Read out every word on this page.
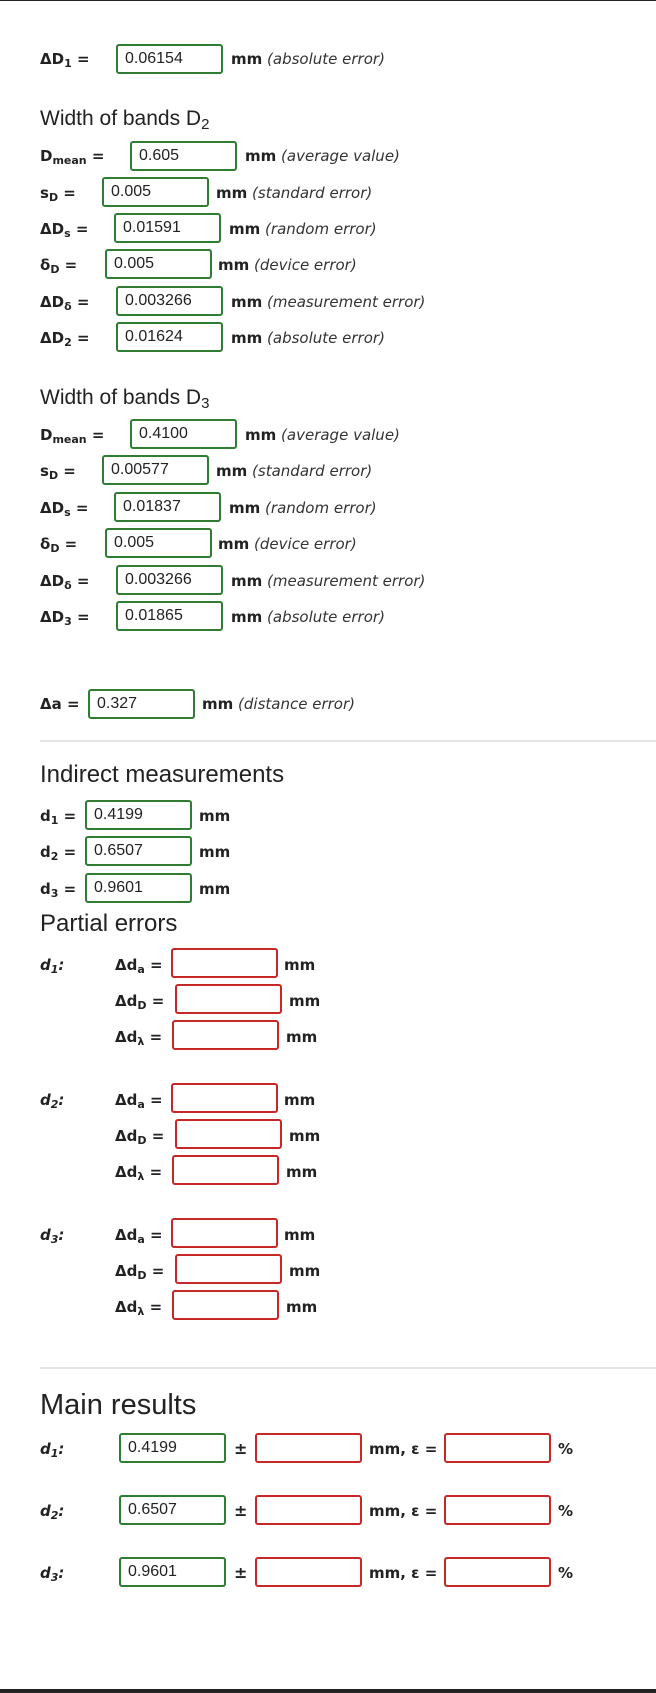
$\Delta D_1$ =
0.06154	mm (absolute error)
Width of bands $D_2$
$D_{mean}$ =
0.605	mm (average value)
$s_D$ =
0.005	mm (standard error)
$\Delta D_s$ =
0.01591	mm (random error)
$\delta_D$ =
0.005	mm (device error)
$\Delta D_\delta$ =
0.003266	mm (measurement error)
$\Delta D_2$ =
0.01624	mm (absolute error)
Width of bands $D_3$
$D_{mean}$ =
0.4100	mm (average value)
$s_D$ =
0.00577	mm (standard error)
$\Delta D_s$ =
0.01837	mm (random error)
$\delta_D$ =
0.005	mm (device error)
$\Delta D_\delta$ =
0.003266	mm (measurement error)
$\Delta D_3$ =
0.01865	mm (absolute error)
Δa =
0.327	mm (distance error)
Indirect measurements
$d_1$ =
0.4199	mm
$d_2$ =
0.6507	mm
$d_3$ =
0.9601	mm
Partial errors
$d_1$:	$\Delta d_a$ =	mm
$\Delta d_D$ =	mm
$\Delta d_\lambda$ =	mm
$d_2$:	$\Delta d_a$ =	mm
$\Delta d_D$ =	mm
$\Delta d_\lambda$ =	mm
$d_3$:	$\Delta d_a$ =	mm
$\Delta d_D$ =	mm
$\Delta d_\lambda$ =	mm
Main results
$d_1$:
0.4199	±	mm, ε =	%
$d_2$:
0.6507	±	mm, ε =	%
$d_3$:
0.9601	±	mm, ε =	%
